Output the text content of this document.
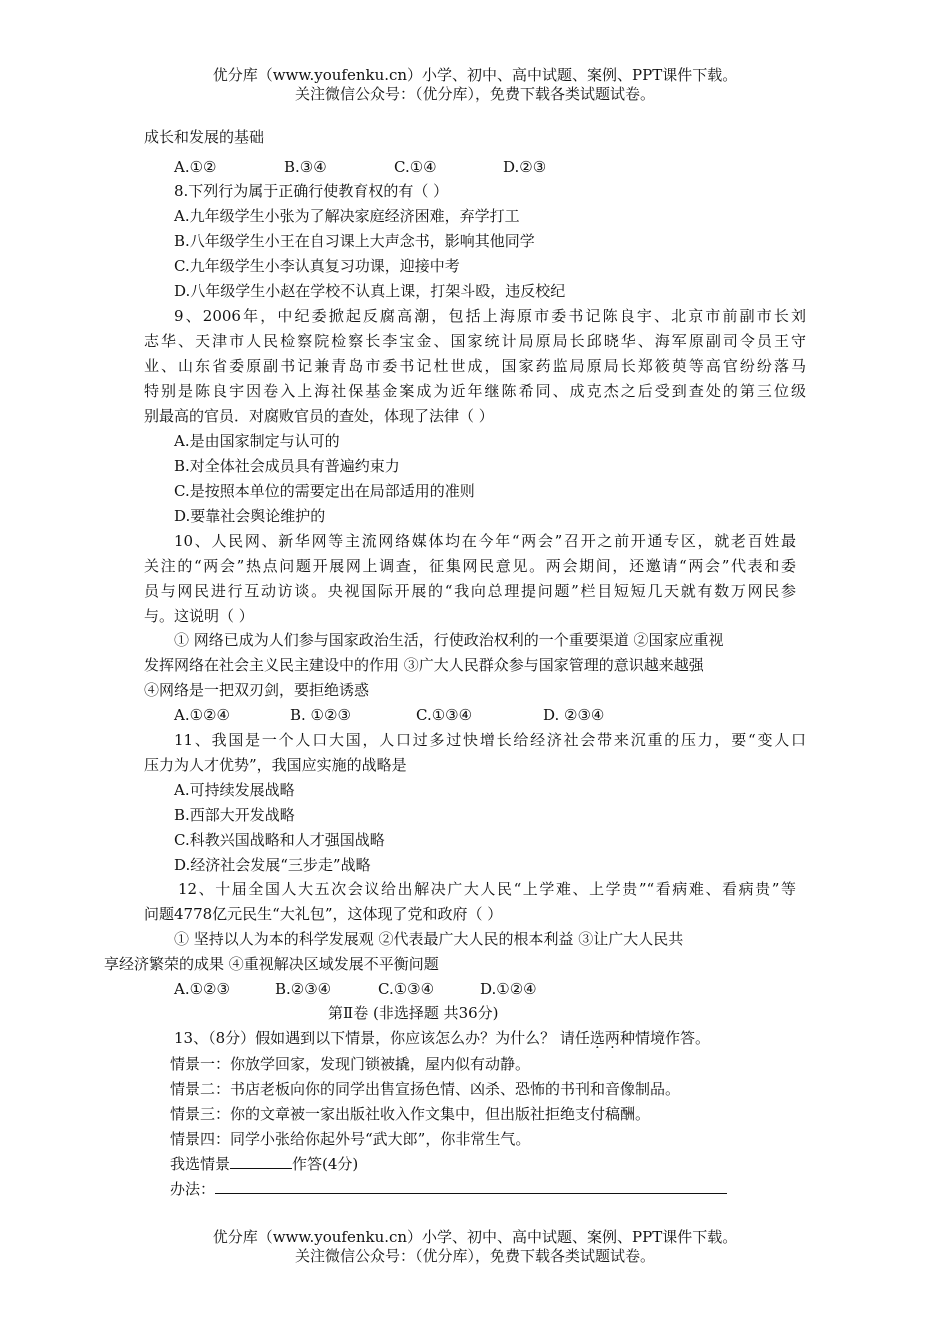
优分库（www.youfenku.cn）小学、初中、高中试题、案例、PPT课件下载。
关注微信公众号：（优分库），免费下载各类试题试卷。
成长和发展的基础
A.①②	B.③④	C.①④	D.②③
8.下列行为属于正确行使教育权的有（ ）
A.九年级学生小张为了解决家庭经济困难，弃学打工
B.八年级学生小王在自习课上大声念书，影响其他同学
C.九年级学生小李认真复习功课，迎接中考
D.八年级学生小赵在学校不认真上课，打架斗殴，违反校纪
9、2006年，中纪委掀起反腐高潮，包括上海原市委书记陈良宇、北京市前副市长刘
志华、天津市人民检察院检察长李宝金、国家统计局原局长邱晓华、海军原副司令员王守
业、山东省委原副书记兼青岛市委书记杜世成，国家药监局原局长郑筱萸等高官纷纷落马
特别是陈良宇因卷入上海社保基金案成为近年继陈希同、成克杰之后受到查处的第三位级
别最高的官员．对腐败官员的查处，体现了法律（ ）
A.是由国家制定与认可的
B.对全体社会成员具有普遍约束力
C.是按照本单位的需要定出在局部适用的准则
D.要靠社会舆论维护的
10、人民网、新华网等主流网络媒体均在今年“两会”召开之前开通专区，就老百姓最
关注的“两会”热点问题开展网上调查，征集网民意见。两会期间，还邀请“两会”代表和委
员与网民进行互动访谈。央视国际开展的“我向总理提问题”栏目短短几天就有数万网民参
与。这说明（ ）
① 网络已成为人们参与国家政治生活，行使政治权利的一个重要渠道 ②国家应重视
发挥网络在社会主义民主建设中的作用 ③广大人民群众参与国家管理的意识越来越强
④网络是一把双刃剑，要拒绝诱惑
A.①②④	B. ①②③	C.①③④	D. ②③④
11、我国是一个人口大国，人口过多过快增长给经济社会带来沉重的压力，要“变人口
压力为人才优势”，我国应实施的战略是
A.可持续发展战略
B.西部大开发战略
C.科教兴国战略和人才强国战略
D.经济社会发展“三步走”战略
12、十届全国人大五次会议给出解决广大人民“上学难、上学贵”“看病难、看病贵”等
问题4778亿元民生“大礼包”，这体现了党和政府（ ）
① 坚持以人为本的科学发展观 ②代表最广大人民的根本利益 ③让广大人民共
享经济繁荣的成果 ④重视解决区域发展不平衡问题
A.①②③	B.②③④	C.①③④	D.①②④
第Ⅱ卷 (非选择题 共36分)
13、（8分）假如遇到以下情景，你应该怎么办？为什么？ 请任选两种情境作答。
情景一：你放学回家，发现门锁被撬，屋内似有动静。
情景二：书店老板向你的同学出售宣扬色情、凶杀、恐怖的书刊和音像制品。
情景三：你的文章被一家出版社收入作文集中，但出版社拒绝支付稿酬。
情景四：同学小张给你起外号“武大郎”，你非常生气。
我选情景	作答(4分)
办法：
优分库（www.youfenku.cn）小学、初中、高中试题、案例、PPT课件下载。
关注微信公众号：（优分库），免费下载各类试题试卷。
